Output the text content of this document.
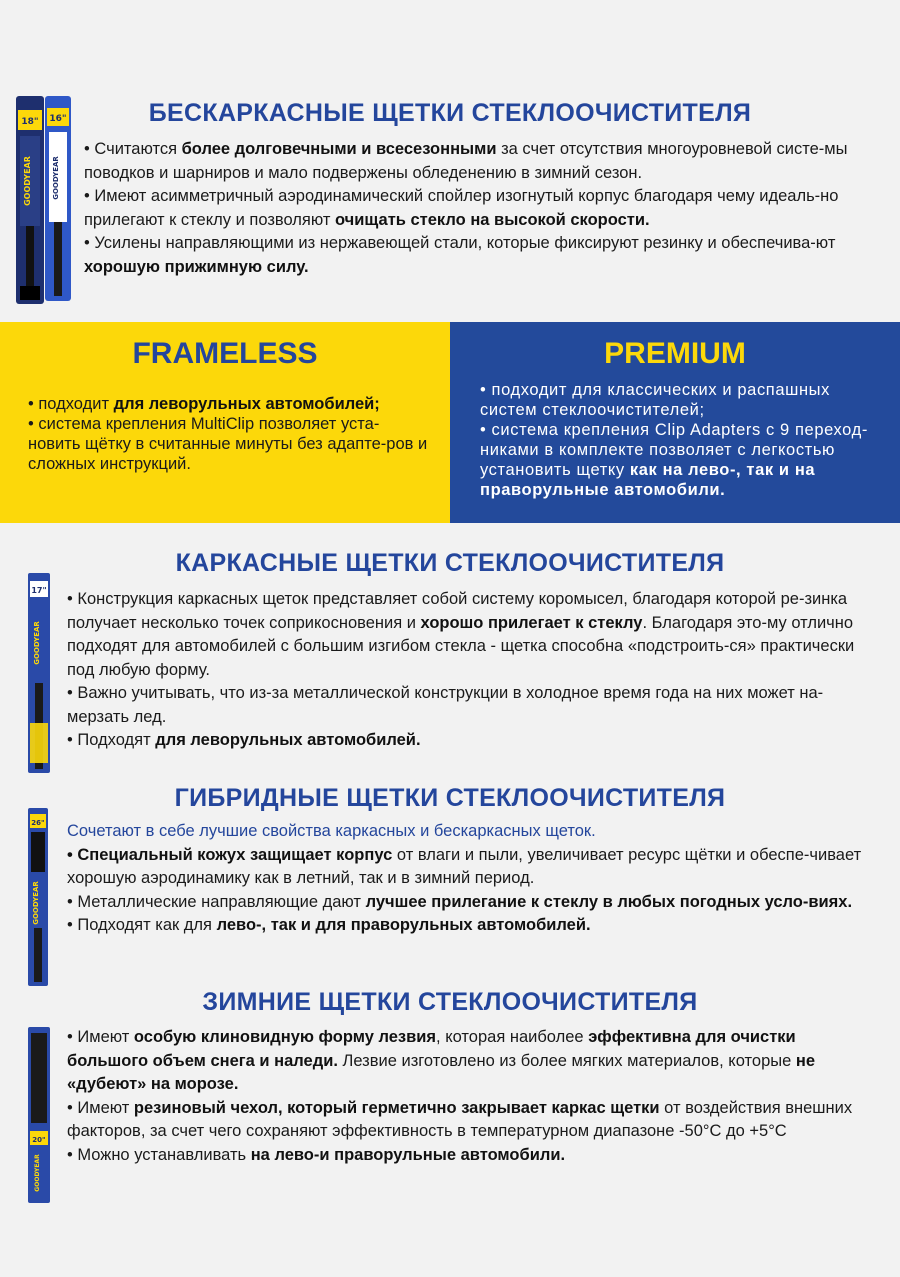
18"
GOODYEAR
16"
GOODYEAR
БЕСКАРКАСНЫЕ ЩЕТКИ СТЕКЛООЧИСТИТЕЛЯ

• Считаются более долговечными и всесезонными за счет отсутствия многоуровневой систе-мы поводков и шарниров и мало подвержены обледенению в зимний сезон.

• Имеют асимметричный аэродинамический спойлер изогнутый корпус благодаря чему идеаль-но прилегают к стеклу и позволяют очищать стекло на высокой скорости.

• Усилены направляющими из нержавеющей стали, которые фиксируют резинку и обеспечива-ют хорошую прижимную силу.

FRAMELESS

• подходит для леворульных автомобилей;

• система крепления MultiClip позволяет уста-новить щётку в считанные минуты без адапте-ров и сложных инструкций.

PREMIUM

• подходит для классических и распашных систем стеклоочистителей;

• система крепления Clip Adapters с 9 переход-никами в комплекте позволяет с легкостью установить щетку как на лево-, так и на праворульные автомобили.

17"
GOODYEAR
КАРКАСНЫЕ ЩЕТКИ СТЕКЛООЧИСТИТЕЛЯ

• Конструкция каркасных щеток представляет собой систему коромысел, благодаря которой ре-зинка получает несколько точек соприкосновения и хорошо прилегает к стеклу. Благодаря это-му отлично подходят для автомобилей с большим изгибом стекла - щетка способна «подстроить-ся» практически под любую форму.

• Важно учитывать, что из-за металлической конструкции в холодное время года на них может на-мерзать лед.

• Подходят для леворульных автомобилей.

26"
GOODYEAR
ГИБРИДНЫЕ ЩЕТКИ СТЕКЛООЧИСТИТЕЛЯ

Сочетают в себе лучшие свойства каркасных и бескаркасных щеток.

• Специальный кожух защищает корпус от влаги и пыли, увеличивает ресурс щётки и обеспе-чивает хорошую аэродинамику как в летний, так и в зимний период.

• Металлические направляющие дают лучшее прилегание к стеклу в любых погодных усло-виях.

• Подходят как для лево-, так и для праворульных автомобилей.

20"
GOODYEAR
ЗИМНИЕ ЩЕТКИ СТЕКЛООЧИСТИТЕЛЯ

• Имеют особую клиновидную форму лезвия, которая наиболее эффективна для очистки большого объем снега и наледи. Лезвие изготовлено из более мягких материалов, которые не «дубеют» на морозе.

• Имеют резиновый чехол, который герметично закрывает каркас щетки от воздействия внешних факторов, за счет чего сохраняют эффективность в температурном диапазоне -50°С до +5°С

• Можно устанавливать на лево-и праворульные автомобили.
